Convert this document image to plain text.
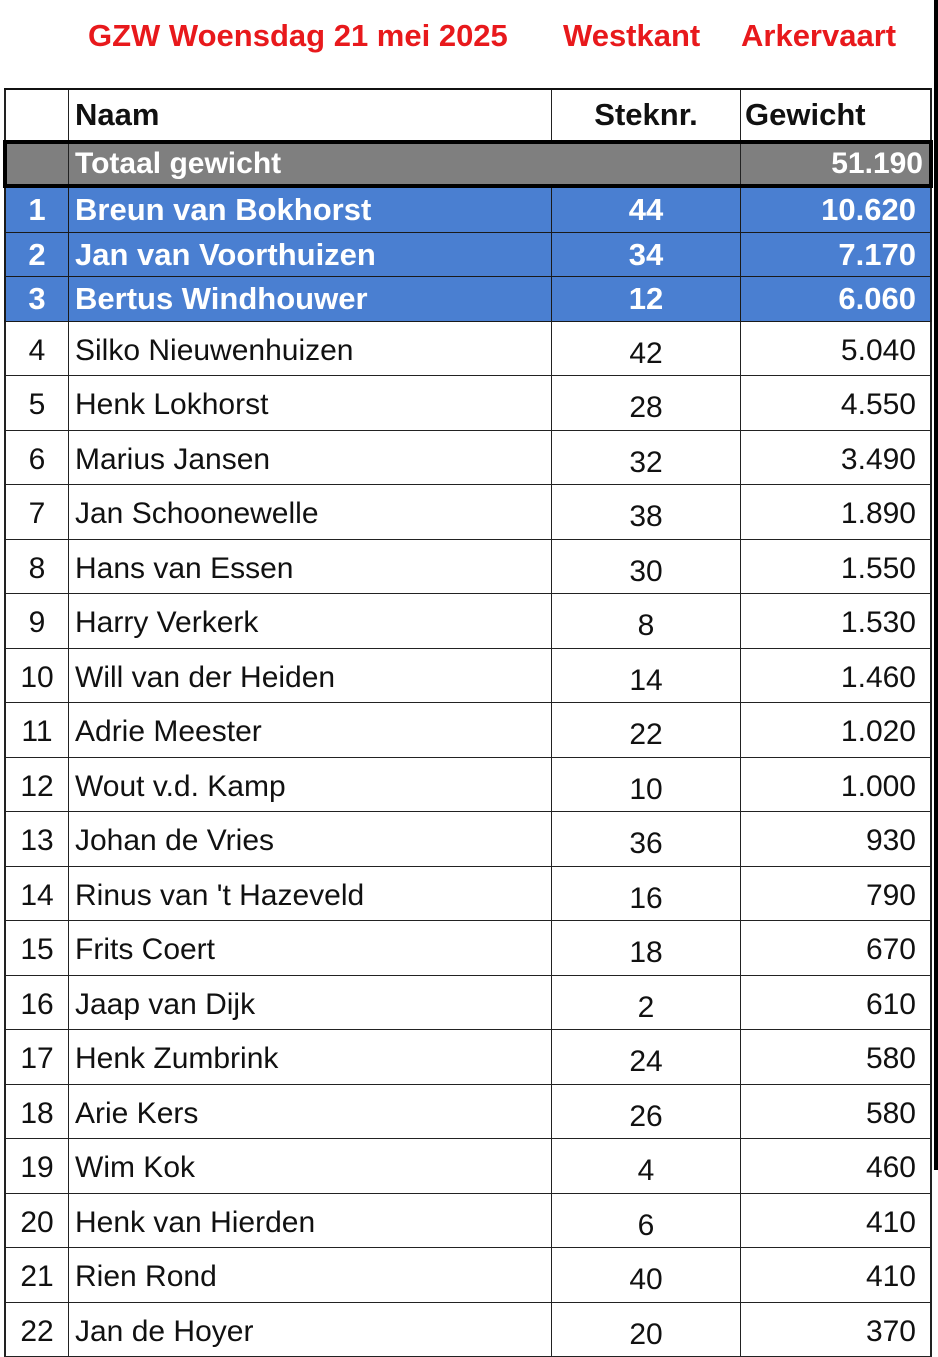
GZW Woensdag 21 mei 2025 Westkant Arkervaart
	Naam	Steknr.	Gewicht
	Totaal gewicht		51.190
1	Breun van Bokhorst	44	10.620
2	Jan van Voorthuizen	34	7.170
3	Bertus Windhouwer	12	6.060
4	Silko Nieuwenhuizen	42	5.040
5	Henk Lokhorst	28	4.550
6	Marius Jansen	32	3.490
7	Jan Schoonewelle	38	1.890
8	Hans van Essen	30	1.550
9	Harry Verkerk	8	1.530
10	Will van der Heiden	14	1.460
11	Adrie Meester	22	1.020
12	Wout v.d. Kamp	10	1.000
13	Johan de Vries	36	930
14	Rinus van 't Hazeveld	16	790
15	Frits Coert	18	670
16	Jaap van Dijk	2	610
17	Henk Zumbrink	24	580
18	Arie Kers	26	580
19	Wim Kok	4	460
20	Henk van Hierden	6	410
21	Rien Rond	40	410
22	Jan de Hoyer	20	370
